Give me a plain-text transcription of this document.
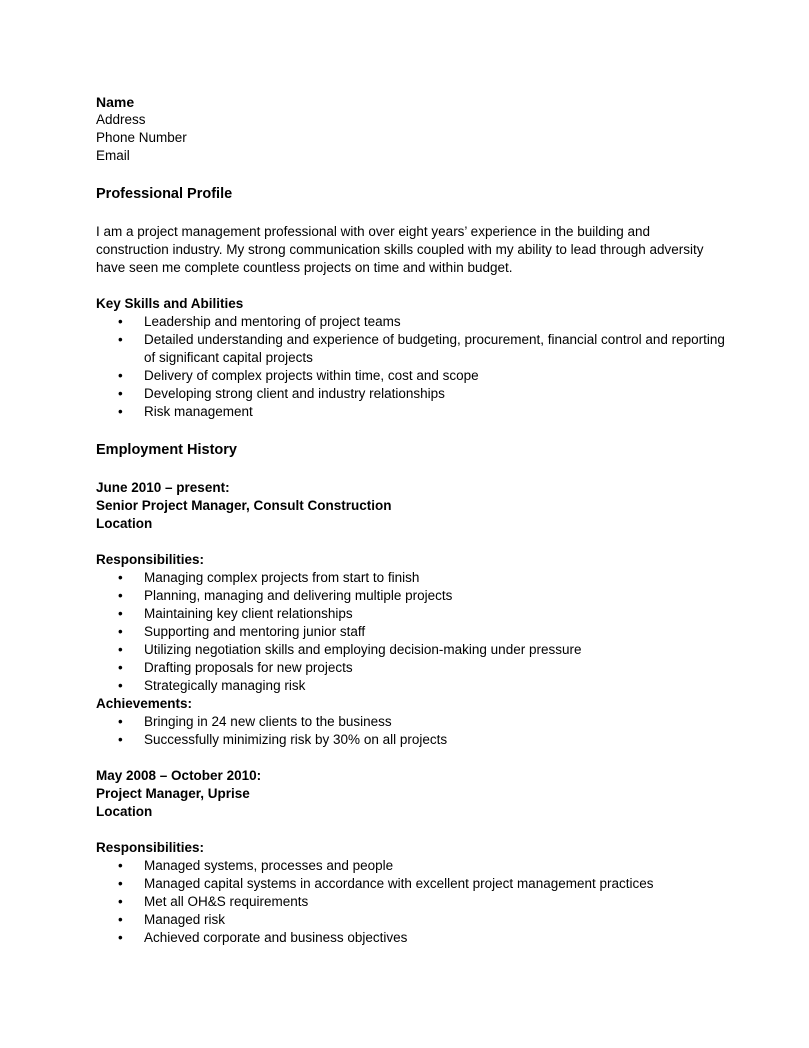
Name

Address

Phone Number

Email

Professional Profile

I am a project management professional with over eight years’ experience in the building and construction industry. My strong communication skills coupled with my ability to lead through adversity have seen me complete countless projects on time and within budget.

Key Skills and Abilities

• Leadership and mentoring of project teams
• Detailed understanding and experience of budgeting, procurement, financial control and reporting of significant capital projects
• Delivery of complex projects within time, cost and scope
• Developing strong client and industry relationships
• Risk management

Employment History

June 2010 – present:

Senior Project Manager, Consult Construction

Location

Responsibilities:

• Managing complex projects from start to finish
• Planning, managing and delivering multiple projects
• Maintaining key client relationships
• Supporting and mentoring junior staff
• Utilizing negotiation skills and employing decision-making under pressure
• Drafting proposals for new projects
• Strategically managing risk

Achievements:

• Bringing in 24 new clients to the business
• Successfully minimizing risk by 30% on all projects

May 2008 – October 2010:

Project Manager, Uprise

Location

Responsibilities:

• Managed systems, processes and people
• Managed capital systems in accordance with excellent project management practices
• Met all OH&S requirements
• Managed risk
• Achieved corporate and business objectives
